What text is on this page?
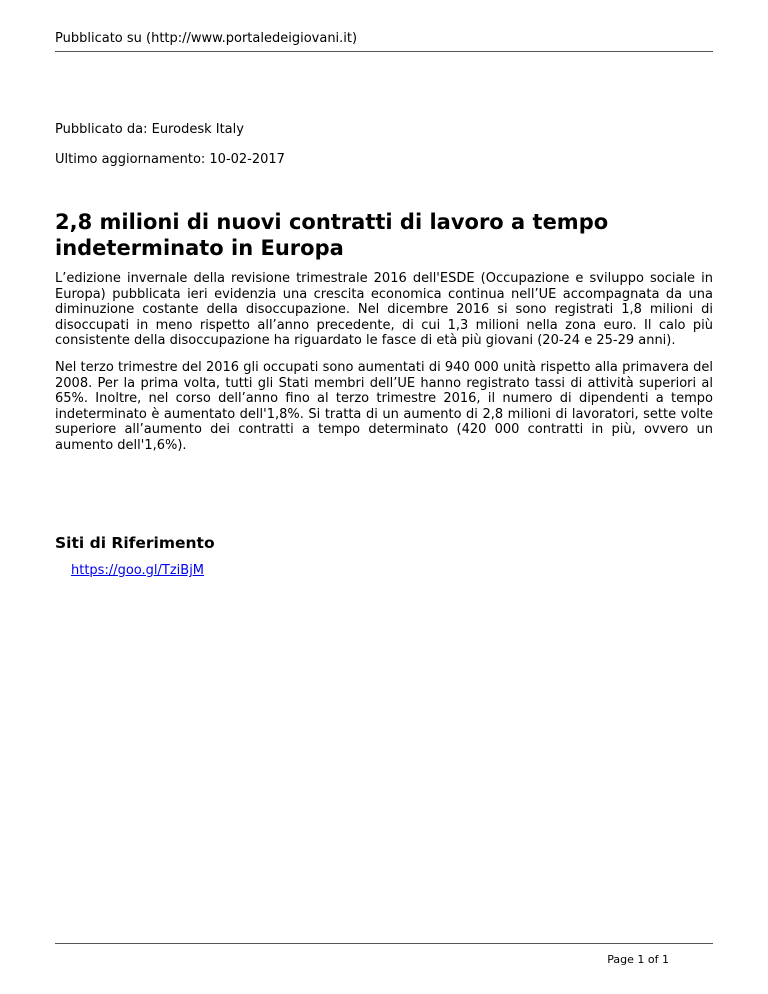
Pubblicato su (http://www.portaledeigiovani.it)
Pubblicato da: Eurodesk Italy
Ultimo aggiornamento: 10-02-2017
2,8 milioni di nuovi contratti di lavoro a tempo indeterminato in Europa

L’edizione invernale della revisione trimestrale 2016 dell'ESDE (Occupazione e sviluppo sociale in Europa) pubblicata ieri evidenzia una crescita economica continua nell’UE accompagnata da una diminuzione costante della disoccupazione. Nel dicembre 2016 si sono registrati 1,8 milioni di disoccupati in meno rispetto all’anno precedente, di cui 1,3 milioni nella zona euro. Il calo più consistente della disoccupazione ha riguardato le fasce di età più giovani (20-24 e 25-29 anni).

Nel terzo trimestre del 2016 gli occupati sono aumentati di 940 000 unità rispetto alla primavera del 2008. Per la prima volta, tutti gli Stati membri dell’UE hanno registrato tassi di attività superiori al 65%. Inoltre, nel corso dell’anno fino al terzo trimestre 2016, il numero di dipendenti a tempo indeterminato è aumentato dell'1,8%. Si tratta di un aumento di 2,8 milioni di lavoratori, sette volte superiore all’aumento dei contratti a tempo determinato (420 000 contratti in più, ovvero un aumento dell'1,6%).

Siti di Riferimento
https://goo.gl/TziBjM
Page 1 of 1
